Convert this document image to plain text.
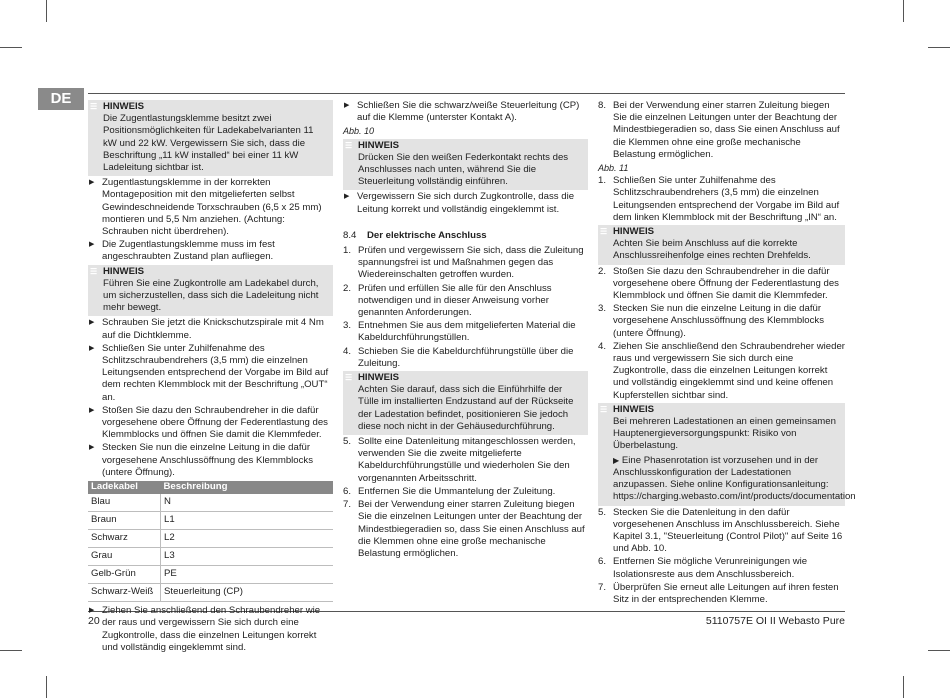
DE	☰ HINWEIS
Die Zugentlastungsklemme besitzt zwei Positionsmöglichkeiten für Ladekabelvarianten 11 kW und 22 kW. Vergewissern Sie sich, dass die Beschriftung „11 kW installed“ bei einer 11 kW Ladeleitung sichtbar ist.
▶ Zugentlastungsklemme in der korrekten Montageposition mit den mitgelieferten selbst Gewindeschneidende Torxschrauben (6,5 x 25 mm) montieren und 5,5 Nm anziehen. (Achtung: Schrauben nicht überdrehen).
▶ Die Zugentlastungsklemme muss im fest angeschraubten Zustand plan aufliegen.
☰ HINWEIS
Führen Sie eine Zugkontrolle am Ladekabel durch, um sicherzustellen, dass sich die Ladeleitung nicht mehr bewegt.
▶ Schrauben Sie jetzt die Knickschutzspirale mit 4 Nm auf die Dichtklemme.
▶ Schließen Sie unter Zuhilfenahme des Schlitzschraubendrehers (3,5 mm) die einzelnen Leitungsenden entsprechend der Vorgabe im Bild auf dem rechten Klemmblock mit der Beschriftung „OUT“ an.
▶ Stoßen Sie dazu den Schraubendreher in die dafür vorgesehene obere Öffnung der Federentlastung des Klemmblocks und öffnen Sie damit die Klemmfeder.
▶ Stecken Sie nun die einzelne Leitung in die dafür vorgesehene Anschlussöffnung des Klemmblocks (untere Öffnung).
Ladekabel	Beschreibung
Blau	N
Braun	L1
Schwarz	L2
Grau	L3
Gelb-Grün	PE
Schwarz-Weiß	Steuerleitung (CP)
▶ Ziehen Sie anschließend den Schraubendreher wie der raus und vergewissern Sie sich durch eine Zugkontrolle, dass die einzelnen Leitungen korrekt und vollständig eingeklemmt sind.
▶ Schließen Sie die schwarz/weiße Steuerleitung (CP) auf die Klemme (unterster Kontakt A).
Abb. 10
☰ HINWEIS
Drücken Sie den weißen Federkontakt rechts des Anschlusses nach unten, während Sie die Steuerleitung vollständig einführen.
▶ Vergewissern Sie sich durch Zugkontrolle, dass die Leitung korrekt und vollständig eingeklemmt ist.
8.4 Der elektrische Anschluss
1. Prüfen und vergewissern Sie sich, dass die Zuleitung spannungsfrei ist und Maßnahmen gegen das Wiedereinschalten getroffen wurden.
2. Prüfen und erfüllen Sie alle für den Anschluss notwendigen und in dieser Anweisung vorher genannten Anforderungen.
3. Entnehmen Sie aus dem mitgelieferten Material die Kabeldurchführungstüllen.
4. Schieben Sie die Kabeldurchführungstülle über die Zuleitung.
☰ HINWEIS
Achten Sie darauf, dass sich die Einführhilfe der Tülle im installierten Endzustand auf der Rückseite der Ladestation befindet, positionieren Sie jedoch diese noch nicht in der Gehäusedurchführung.
5. Sollte eine Datenleitung mitangeschlossen werden, verwenden Sie die zweite mitgelieferte Kabeldurchführungstülle und wiederholen Sie den vorgenannten Arbeitsschritt.
6. Entfernen Sie die Ummantelung der Zuleitung.
7. Bei der Verwendung einer starren Zuleitung biegen Sie die einzelnen Leitungen unter der Beachtung der Mindestbiegeradien so, dass Sie einen Anschluss auf die Klemmen ohne eine große mechanische Belastung ermöglichen.
8. Bei der Verwendung einer starren Zuleitung biegen Sie die einzelnen Leitungen unter der Beachtung der Mindestbiegeradien so, dass Sie einen Anschluss auf die Klemmen ohne eine große mechanische Belastung ermöglichen.
Abb. 11
1. Schließen Sie unter Zuhilfenahme des Schlitzschraubendrehers (3,5 mm) die einzelnen Leitungsenden entsprechend der Vorgabe im Bild auf dem linken Klemmblock mit der Beschriftung „IN“ an.
☰ HINWEIS
Achten Sie beim Anschluss auf die korrekte Anschlussreihenfolge eines rechten Drehfelds.
2. Stoßen Sie dazu den Schraubendreher in die dafür vorgesehene obere Öffnung der Federentlastung des Klemmblock und öffnen Sie damit die Klemmfeder.
3. Stecken Sie nun die einzelne Leitung in die dafür vorgesehene Anschlussöffnung des Klemmblocks (untere Öffnung).
4. Ziehen Sie anschließend den Schraubendreher wieder raus und vergewissern Sie sich durch eine Zugkontrolle, dass die einzelnen Leitungen korrekt und vollständig eingeklemmt sind und keine offenen Kupferstellen sichtbar sind.
☰ HINWEIS
Bei mehreren Ladestationen an einen gemeinsamen Hauptenergieversorgungspunkt: Risiko von Überbelastung.
▶ Eine Phasenrotation ist vorzusehen und in der Anschlusskonfiguration der Ladestationen anzupassen. Siehe online Konfigurationsanleitung:
https://charging.webasto.com/int/products/documentation
5. Stecken Sie die Datenleitung in den dafür vorgesehenen Anschluss im Anschlussbereich. Siehe Kapitel 3.1, "Steuerleitung (Control Pilot)" auf Seite 16 und Abb. 10.
6. Entfernen Sie mögliche Verunreinigungen wie Isolationsreste aus dem Anschlussbereich.
7. Überprüfen Sie erneut alle Leitungen auf ihren festen Sitz in der entsprechenden Klemme.
20	5110757E OI II Webasto Pure
